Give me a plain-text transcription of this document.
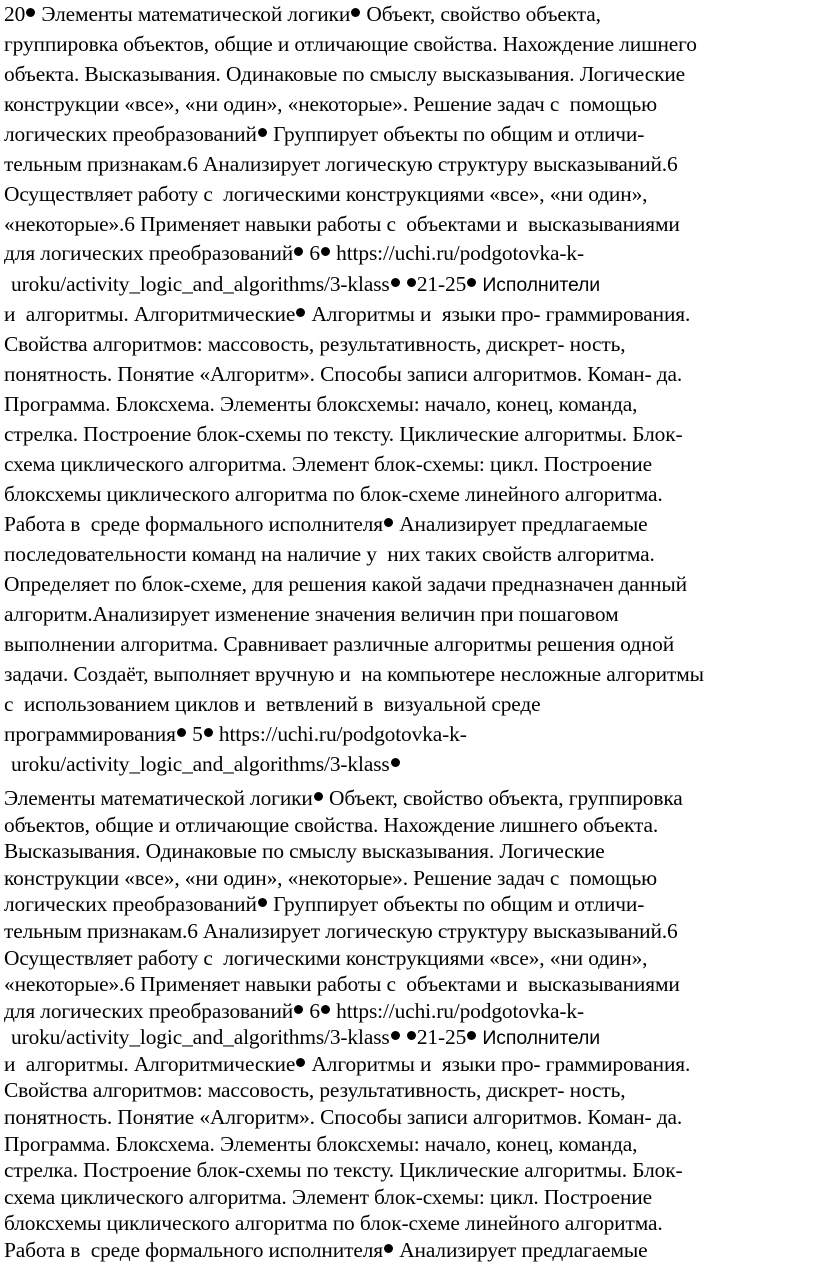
20 Элементы математической логики Объект, свойство объекта,
группировка объектов, общие и отличающие свойства. Нахождение лишнего
объекта. Высказывания. Одинаковые по смыслу высказывания. Логические
конструкции «все», «ни один», «некоторые». Решение задач с  помощью
логических преобразований Группирует объекты по общим и отличи-
тельным признакам.6 Анализирует логическую структуру высказываний.6
Осуществляет работу с  логическими конструкциями «все», «ни один»,
«некоторые».6 Применяет навыки работы с  объектами и  высказываниями
для логических преобразований 6 https://uchi.ru/podgotovka-k-
uroku/activity_logic_and_algorithms/3-klass 21-25 Исполнители
и  алгоритмы. Алгоритмические Алгоритмы и  языки про- граммирования.
Свойства алгоритмов: массовость, результативность, дискрет- ность,
понятность. Понятие «Алгоритм». Способы записи алгоритмов. Коман- да.
Программа. Блоксхема. Элементы блоксхемы: начало, конец, команда,
стрелка. Построение блок-схемы по тексту. Циклические алгоритмы. Блок-
схема циклического алгоритма. Элемент блок-схемы: цикл. Построение
блоксхемы циклического алгоритма по блок-схеме линейного алгоритма.
Работа в  среде формального исполнителя Анализирует предлагаемые
последовательности команд на наличие у  них таких свойств алгоритма.
Определяет по блок-схеме, для решения какой задачи предназначен данный
алгоритм.Анализирует изменение значения величин при пошаговом
выполнении алгоритма. Сравнивает различные алгоритмы решения одной
задачи. Создаёт, выполняет вручную и  на компьютере несложные алгоритмы
с  использованием циклов и  ветвлений в  визуальной среде
программирования 5 https://uchi.ru/podgotovka-k-
uroku/activity_logic_and_algorithms/3-klass
Элементы математической логики Объект, свойство объекта, группировка
объектов, общие и отличающие свойства. Нахождение лишнего объекта.
Высказывания. Одинаковые по смыслу высказывания. Логические
конструкции «все», «ни один», «некоторые». Решение задач с  помощью
логических преобразований Группирует объекты по общим и отличи-
тельным признакам.6 Анализирует логическую структуру высказываний.6
Осуществляет работу с  логическими конструкциями «все», «ни один»,
«некоторые».6 Применяет навыки работы с  объектами и  высказываниями
для логических преобразований 6 https://uchi.ru/podgotovka-k-
uroku/activity_logic_and_algorithms/3-klass 21-25 Исполнители
и  алгоритмы. Алгоритмические Алгоритмы и  языки про- граммирования.
Свойства алгоритмов: массовость, результативность, дискрет- ность,
понятность. Понятие «Алгоритм». Способы записи алгоритмов. Коман- да.
Программа. Блоксхема. Элементы блоксхемы: начало, конец, команда,
стрелка. Построение блок-схемы по тексту. Циклические алгоритмы. Блок-
схема циклического алгоритма. Элемент блок-схемы: цикл. Построение
блоксхемы циклического алгоритма по блок-схеме линейного алгоритма.
Работа в  среде формального исполнителя Анализирует предлагаемые
